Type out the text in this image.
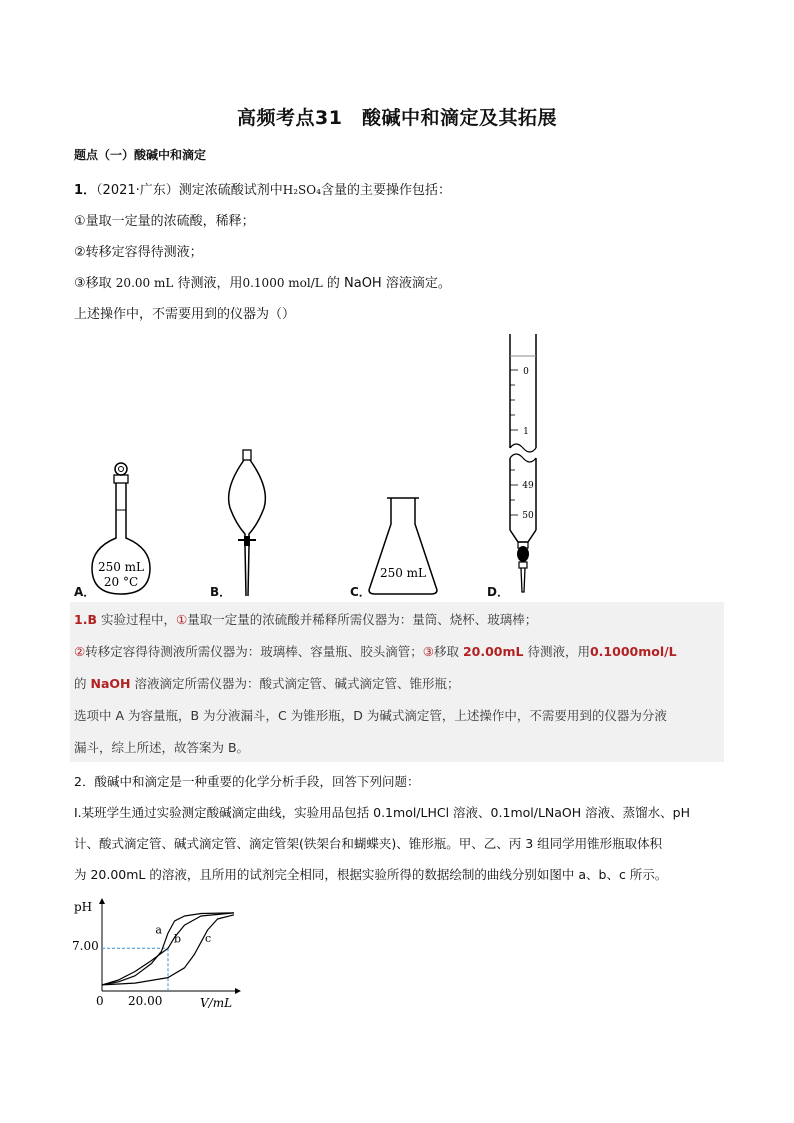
高频考点31　酸碱中和滴定及其拓展
题点（一）酸碱中和滴定
1．（2021·广东）测定浓硫酸试剂中H₂SO₄含量的主要操作包括：
①量取一定量的浓硫酸，稀释；
②转移定容得待测液；
③移取 20.00 mL 待测液，用0.1000 mol/L 的 NaOH 溶液滴定。
上述操作中，不需要用到的仪器为（）
250 mL
20 °C
A．	B．
250 mL
C．
0
1
49
50
D．
1.B 实验过程中，①量取一定量的浓硫酸并稀释所需仪器为：量筒、烧杯、玻璃棒；
②转移定容得待测液所需仪器为：玻璃棒、容量瓶、胶头滴管；③移取 20.00mL 待测液，用0.1000mol/L
的 NaOH 溶液滴定所需仪器为：酸式滴定管、碱式滴定管、锥形瓶；
选项中 A 为容量瓶，B 为分液漏斗，C 为锥形瓶，D 为碱式滴定管，上述操作中，不需要用到的仪器为分液
漏斗，综上所述，故答案为 B。
2．酸碱中和滴定是一种重要的化学分析手段，回答下列问题：
Ⅰ.某班学生通过实验测定酸碱滴定曲线，实验用品包括 0.1mol/LHCl 溶液、0.1mol/LNaOH 溶液、蒸馏水、pH
计、酸式滴定管、碱式滴定管、滴定管架(铁架台和蝴蝶夹)、锥形瓶。甲、乙、丙 3 组同学用锥形瓶取体积
为 20.00mL 的溶液，且所用的试剂完全相同，根据实验所得的数据绘制的曲线分别如图中 a、b、c 所示。
pH
V/mL
0 20.00
7.00
a
b c
